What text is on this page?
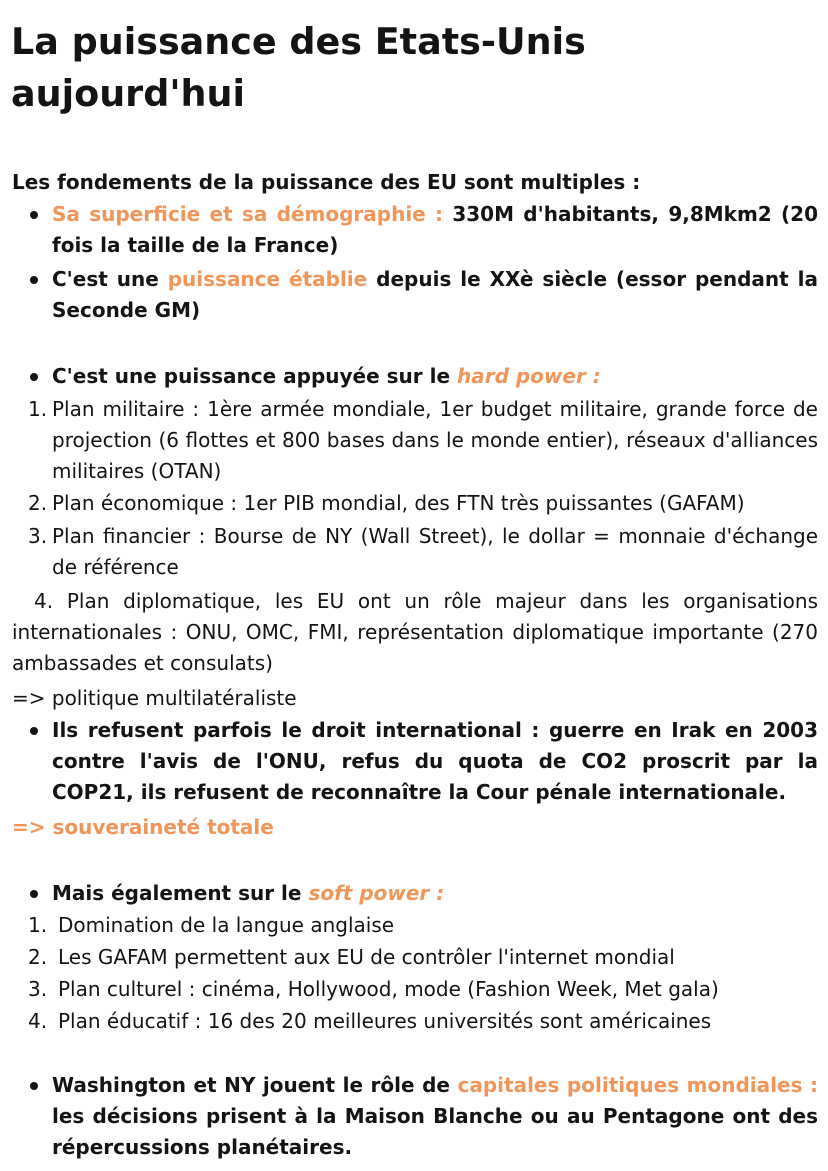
La puissance des Etats-Unis aujourd'hui

Les fondements de la puissance des EU sont multiples :

Sa superficie et sa démographie : 330M d'habitants, 9,8Mkm2 (20 fois la taille de la France)

C'est une puissance établie depuis le XXè siècle (essor pendant la Seconde GM)

C'est une puissance appuyée sur le hard power :

1. Plan militaire : 1ère armée mondiale, 1er budget militaire, grande force de projection (6 flottes et 800 bases dans le monde entier), réseaux d'alliances militaires (OTAN)

2. Plan économique : 1er PIB mondial, des FTN très puissantes (GAFAM)

3. Plan financier : Bourse de NY (Wall Street), le dollar = monnaie d'échange de référence

4. Plan diplomatique, les EU ont un rôle majeur dans les organisations internationales : ONU, OMC, FMI, représentation diplomatique importante (270 ambassades et consulats)

=> politique multilatéraliste

Ils refusent parfois le droit international : guerre en Irak en 2003 contre l'avis de l'ONU, refus du quota de CO2 proscrit par la COP21, ils refusent de reconnaître la Cour pénale internationale.

=> souveraineté totale

Mais également sur le soft power :

1. Domination de la langue anglaise

2. Les GAFAM permettent aux EU de contrôler l'internet mondial

3. Plan culturel : cinéma, Hollywood, mode (Fashion Week, Met gala)

4. Plan éducatif : 16 des 20 meilleures universités sont américaines

Washington et NY jouent le rôle de capitales politiques mondiales : les décisions prisent à la Maison Blanche ou au Pentagone ont des répercussions planétaires.
